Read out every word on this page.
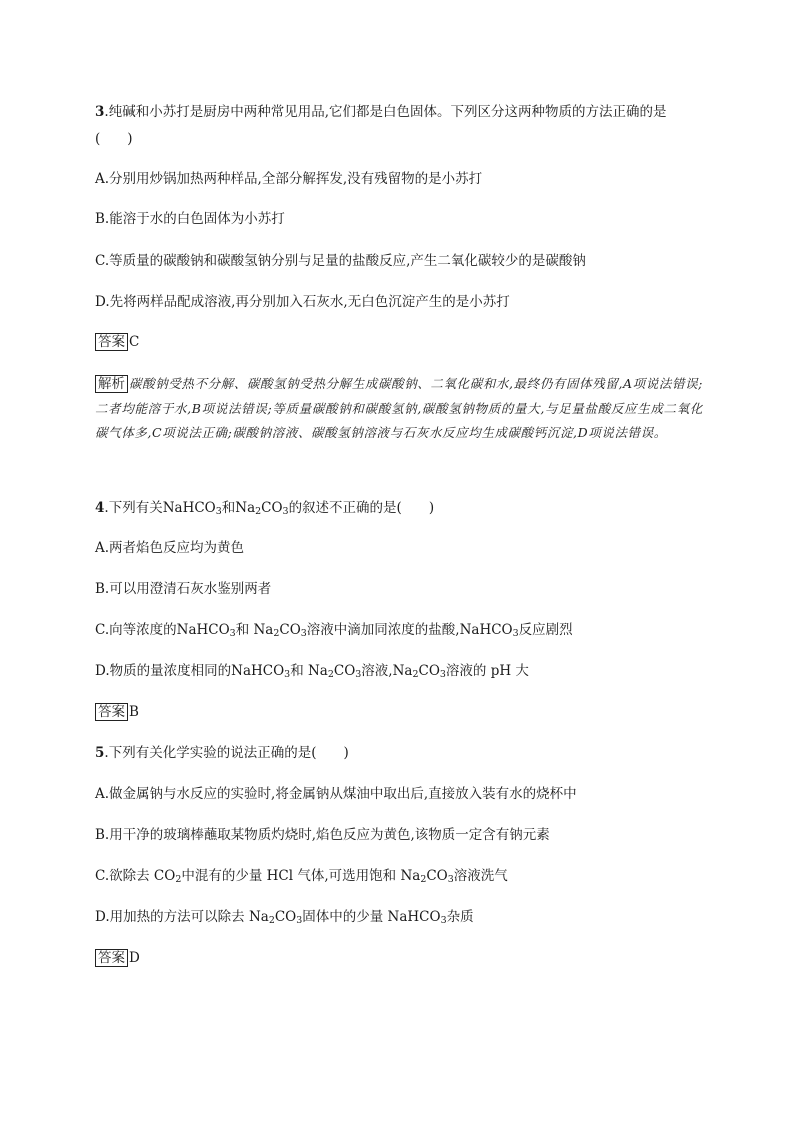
3.纯碱和小苏打是厨房中两种常见用品,它们都是白色固体。下列区分这两种物质的方法正确的是
(　　)
A.分别用炒锅加热两种样品,全部分解挥发,没有残留物的是小苏打
B.能溶于水的白色固体为小苏打
C.等质量的碳酸钠和碳酸氢钠分别与足量的盐酸反应,产生二氧化碳较少的是碳酸钠
D.先将两样品配成溶液,再分别加入石灰水,无白色沉淀产生的是小苏打
答案 C
解析 碳酸钠受热不分解、碳酸氢钠受热分解生成碳酸钠、二氧化碳和水,最终仍有固体残留,A项说法错误;二者均能溶于水,B项说法错误;等质量碳酸钠和碳酸氢钠,碳酸氢钠物质的量大,与足量盐酸反应生成二氧化碳气体多,C项说法正确;碳酸钠溶液、碳酸氢钠溶液与石灰水反应均生成碳酸钙沉淀,D项说法错误。
4.下列有关NaHCO$_3$和$Na_2CO_3$的叙述不正确的是(　　)
A.两者焰色反应均为黄色
B.可以用澄清石灰水鉴别两者
C.向等浓度的NaHCO$_3$和 $Na_2CO_3$溶液中滴加同浓度的盐酸,NaHCO$_3$反应剧烈
D.物质的量浓度相同的NaHCO$_3$和 $Na_2CO_3$溶液$,Na_2CO_3$溶液的 pH 大
答案 B
5.下列有关化学实验的说法正确的是(　　)
A.做金属钠与水反应的实验时,将金属钠从煤油中取出后,直接放入装有水的烧杯中
B.用干净的玻璃棒蘸取某物质灼烧时,焰色反应为黄色,该物质一定含有钠元素
C.欲除去 $CO_2$中混有的少量 HCl 气体,可选用饱和 $Na_2CO_3$溶液洗气
D.用加热的方法可以除去 $Na_2CO_3$固体中的少量 NaHCO$_3$杂质
答案 D
